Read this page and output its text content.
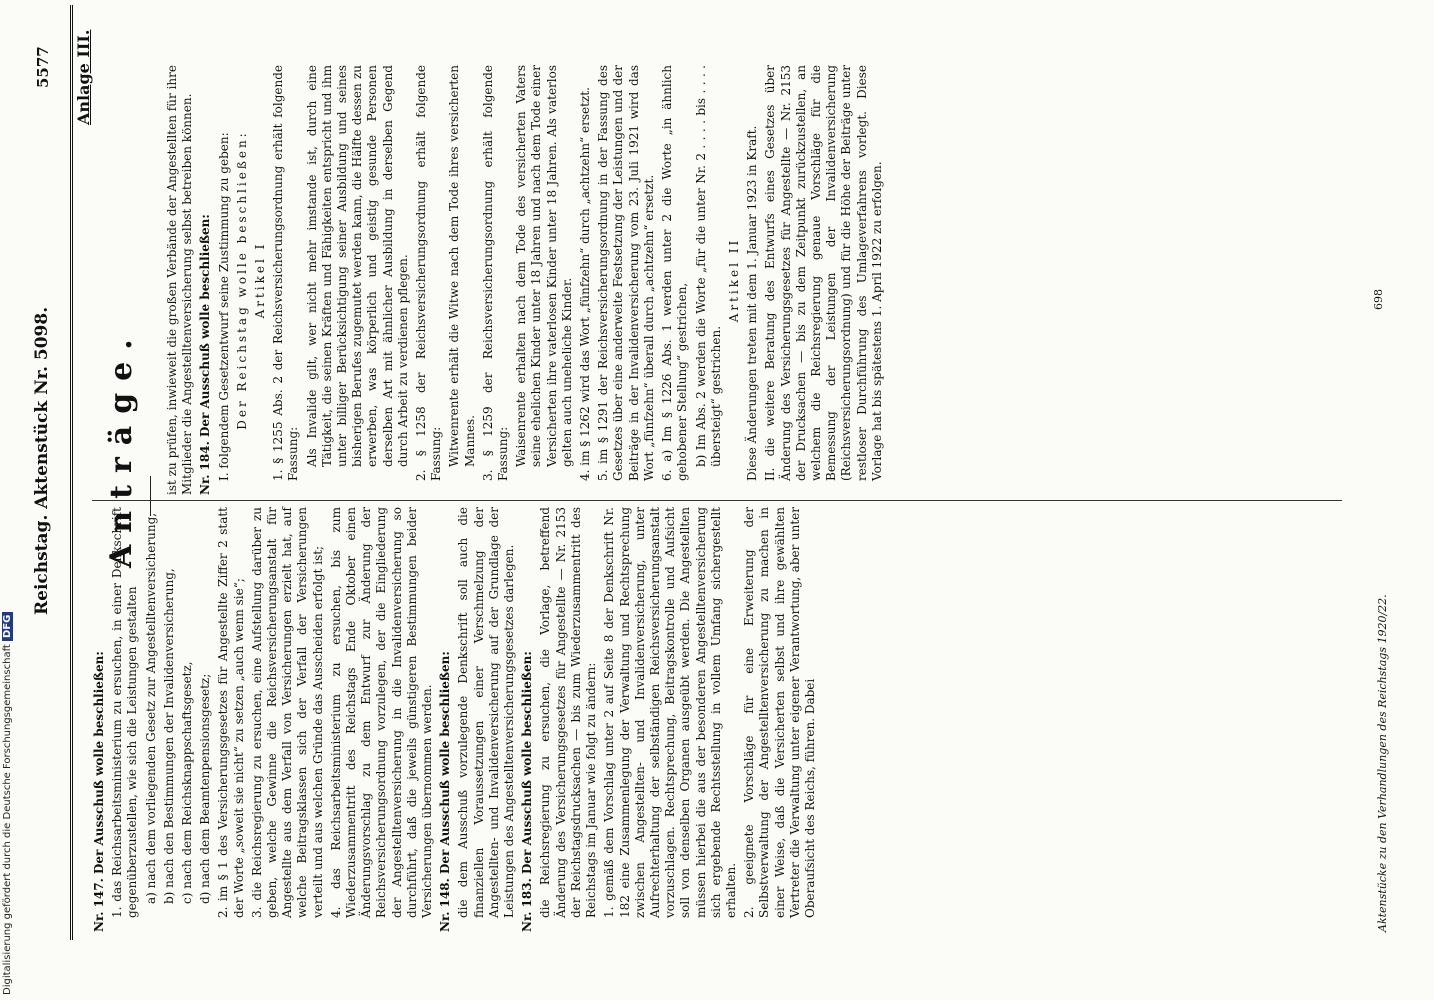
Reichstag. Aktenstück Nr. 5098.
5577 Anlage III.
Anträge.

Nr. 147. Der Ausschuß wolle beschließen: 1. das Reichsarbeitsministerium zu ersuchen, in einer Denkschrift gegenüberzustellen, wie sich die Leistungen gestalten a) nach dem vorliegenden Gesetz zur Angestelltenversicherung, b) nach den Bestimmungen der Invalidenversicherung, c) nach dem Reichsknappschaftsgesetz, d) nach dem Beamtenpensionsgesetz; 2. im § 1 des Versicherungsgesetzes für Angestellte Ziffer 2 statt der Worte „soweit sie nicht“ zu setzen „auch wenn sie“; 3. die Reichsregierung zu ersuchen, eine Aufstellung darüber zu geben, welche Gewinne die Reichsversicherungsanstalt für Angestellte aus dem Verfall von Versicherungen erzielt hat, auf welche Beitragsklassen sich der Verfall der Versicherungen verteilt und aus welchen Gründe das Ausscheiden erfolgt ist; 4. das Reichsarbeitsministerium zu ersuchen, bis zum Wiederzusammentritt des Reichstags Ende Oktober einen Änderungsvorschlag zu dem Entwurf zur Änderung der Reichsversicherungsordnung vorzulegen, der die Eingliederung der Angestelltenversicherung in die Invalidenversicherung so durchführt, daß die jeweils günstigeren Bestimmungen beider Versicherungen übernommen werden. Nr. 148. Der Ausschuß wolle beschließen: die dem Ausschuß vorzulegende Denkschrift soll auch die finanziellen Voraussetzungen einer Verschmelzung der Angestellten- und Invalidenversicherung auf der Grundlage der Leistungen des Angestelltenversicherungsgesetzes darlegen. Nr. 183. Der Ausschuß wolle beschließen: die Reichsregierung zu ersuchen, die Vorlage, betreffend Änderung des Versicherungsgesetzes für Angestellte — Nr. 2153 der Reichstagsdrucksachen — bis zum Wiederzusammentritt des Reichstags im Januar wie folgt zu ändern: 1. gemäß dem Vorschlag unter 2 auf Seite 8 der Denkschrift Nr. 182 eine Zusammenlegung der Verwaltung und Rechtsprechung zwischen Angestellten- und Invalidenversicherung, unter Aufrechterhaltung der selbständigen Reichsversicherungsanstalt vorzuschlagen. Rechtsprechung, Beitragskontrolle und Aufsicht soll von denselben Organen ausgeübt werden. Die Angestellten müssen hierbei die aus der besonderen Angestelltenversicherung sich ergebende Rechtsstellung in vollem Umfang sichergestellt erhalten. 2. geeignete Vorschläge für eine Erweiterung der Selbstverwaltung der Angestelltenversicherung zu machen in einer Weise, daß die Versicherten selbst und ihre gewählten Vertreter die Verwaltung unter eigener Verantwortung, aber unter Oberaufsicht des Reichs, führen. Dabei

ist zu prüfen, inwieweit die großen Verbände der Angestellten für ihre Mitglieder die Angestelltenversicherung selbst betreiben können. Nr. 184. Der Ausschuß wolle beschließen: I. folgendem Gesetzentwurf seine Zustimmung zu geben: Der Reichstag wolle beschließen: Artikel I 1. § 1255 Abs. 2 der Reichsversicherungsordnung erhält folgende Fassung: Als Invalide gilt, wer nicht mehr imstande ist, durch eine Tätigkeit, die seinen Kräften und Fähigkeiten entspricht und ihm unter billiger Berücksichtigung seiner Ausbildung und seines bisherigen Berufes zugemutet werden kann, die Hälfte dessen zu erwerben, was körperlich und geistig gesunde Personen derselben Art mit ähnlicher Ausbildung in derselben Gegend durch Arbeit zu verdienen pflegen. 2. § 1258 der Reichsversicherungsordnung erhält folgende Fassung: Witwenrente erhält die Witwe nach dem Tode ihres versicherten Mannes. 3. § 1259 der Reichsversicherungsordnung erhält folgende Fassung: Waisenrente erhalten nach dem Tode des versicherten Vaters seine ehelichen Kinder unter 18 Jahren und nach dem Tode einer Versicherten ihre vaterlosen Kinder unter 18 Jahren. Als vaterlos gelten auch uneheliche Kinder. 4. im § 1262 wird das Wort „fünfzehn“ durch „achtzehn“ ersetzt. 5. im § 1291 der Reichsversicherungsordnung in der Fassung des Gesetzes über eine anderweite Festsetzung der Leistungen und der Beiträge in der Invalidenversicherung vom 23. Juli 1921 wird das Wort „fünfzehn“ überall durch „achtzehn“ ersetzt. 6. a) Im § 1226 Abs. 1 werden unter 2 die Worte „in ähnlich gehobener Stellung“ gestrichen, b) Im Abs. 2 werden die Worte „für die unter Nr. 2 . . . . bis . . . . übersteigt“ gestrichen.

Artikel II Diese Änderungen treten mit dem 1. Januar 1923 in Kraft. II. die weitere Beratung des Entwurfs eines Gesetzes über Änderung des Versicherungsgesetzes für Angestellte — Nr. 2153 der Drucksachen — bis zu dem Zeitpunkt zurückzustellen, an welchem die Reichsregierung genaue Vorschläge für die Bemessung der Leistungen der Invalidenversicherung (Reichsversicherungsordnung) und für die Höhe der Beiträge unter restloser Durchführung des Umlageverfahrens vorlegt. Diese Vorlage hat bis spätestens 1. April 1922 zu erfolgen.

Aktenstücke zu den Verhandlungen des Reichstags 1920/22.
698
Digitalisierung gefördert durch die Deutsche Forschungsgemeinschaft DFG
